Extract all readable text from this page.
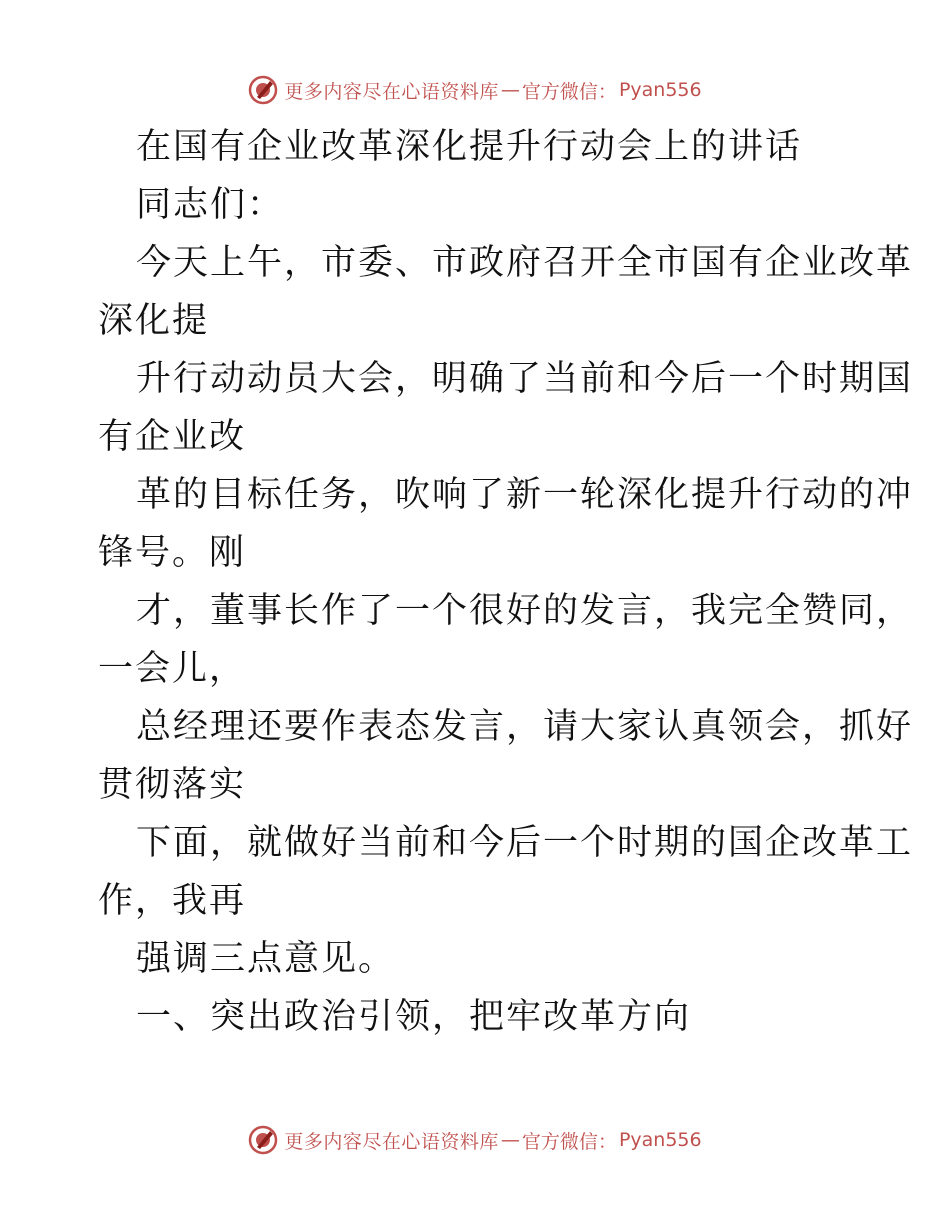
更多内容尽在心语资料库 — 官方微信： Pyan556
在国有企业改革深化提升行动会上的讲话
同志们：
今天上午，市委、市政府召开全市国有企业改革
深化提
升行动动员大会，明确了当前和今后一个时期国
有企业改
革的目标任务，吹响了新一轮深化提升行动的冲
锋号。刚
才，董事长作了一个很好的发言，我完全赞同，
一会儿，
总经理还要作表态发言，请大家认真领会，抓好
贯彻落实
下面，就做好当前和今后一个时期的国企改革工
作，我再
强调三点意见。
一、突出政治引领，把牢改革方向
更多内容尽在心语资料库 — 官方微信： Pyan556
